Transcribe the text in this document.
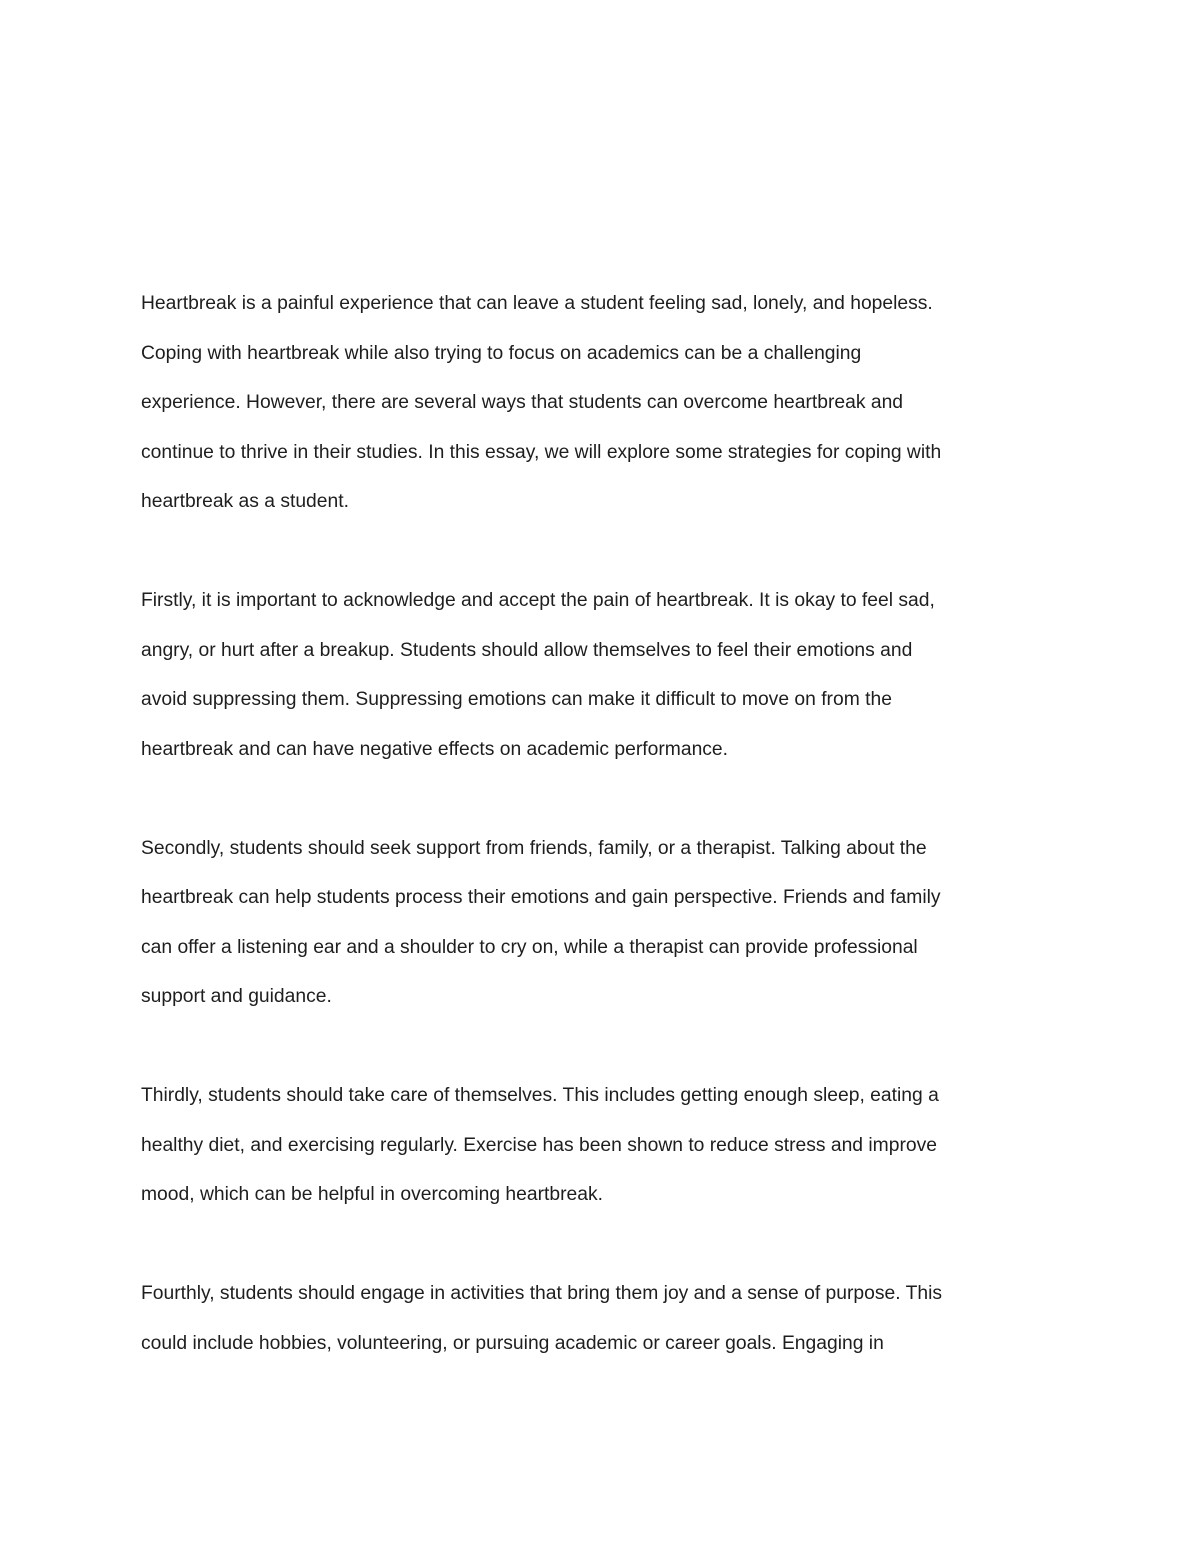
Heartbreak is a painful experience that can leave a student feeling sad, lonely, and hopeless.
Coping with heartbreak while also trying to focus on academics can be a challenging
experience. However, there are several ways that students can overcome heartbreak and
continue to thrive in their studies. In this essay, we will explore some strategies for coping with
heartbreak as a student.

Firstly, it is important to acknowledge and accept the pain of heartbreak. It is okay to feel sad,
angry, or hurt after a breakup. Students should allow themselves to feel their emotions and
avoid suppressing them. Suppressing emotions can make it difficult to move on from the
heartbreak and can have negative effects on academic performance.

Secondly, students should seek support from friends, family, or a therapist. Talking about the
heartbreak can help students process their emotions and gain perspective. Friends and family
can offer a listening ear and a shoulder to cry on, while a therapist can provide professional
support and guidance.

Thirdly, students should take care of themselves. This includes getting enough sleep, eating a
healthy diet, and exercising regularly. Exercise has been shown to reduce stress and improve
mood, which can be helpful in overcoming heartbreak.

Fourthly, students should engage in activities that bring them joy and a sense of purpose. This
could include hobbies, volunteering, or pursuing academic or career goals. Engaging in
